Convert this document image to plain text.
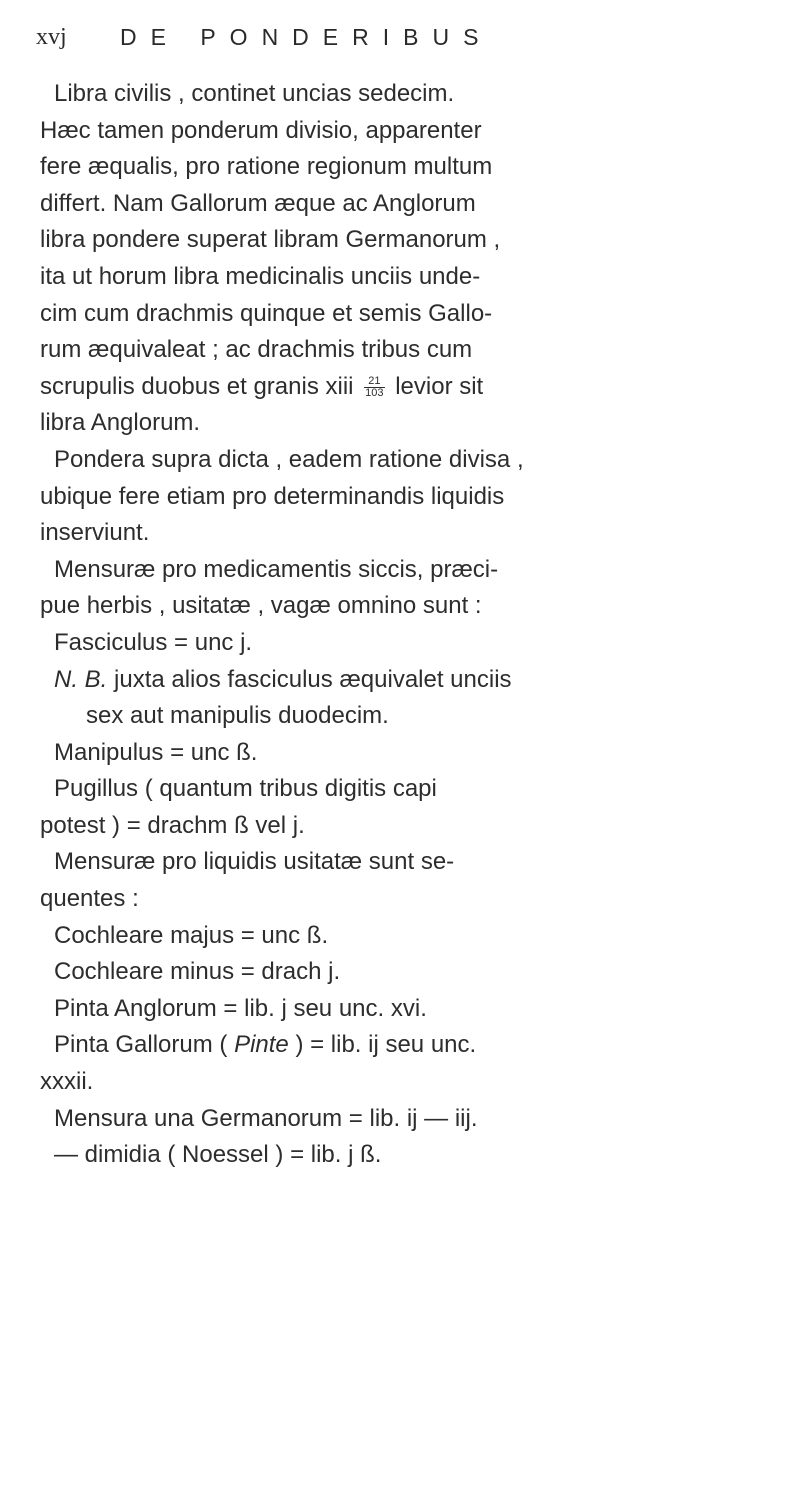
xvj DE PONDERIBUS
Libra civilis , continet uncias sedecim.
Hæc tamen ponderum divisio, apparenter
fere æqualis, pro ratione regionum multum
differt. Nam Gallorum æque ac Anglorum
libra pondere superat libram Germanorum ,
ita ut horum libra medicinalis unciis unde-
cim cum drachmis quinque et semis Gallo-
rum æquivaleat ; ac drachmis tribus cum
scrupulis duobus et granis xiii $\frac{21}{103}$ levior sit
libra Anglorum.
Pondera supra dicta , eadem ratione divisa ,
ubique fere etiam pro determinandis liquidis
inserviunt.
Mensuræ pro medicamentis siccis, præci-
pue herbis , usitatæ , vagæ omnino sunt :
Fasciculus = unc j.
N. B. juxta alios fasciculus æquivalet unciis
sex aut manipulis duodecim.
Manipulus = unc ß.
Pugillus ( quantum tribus digitis capi
potest ) = drachm ß vel j.
Mensuræ pro liquidis usitatæ sunt se-
quentes :
Cochleare majus = unc ß.
Cochleare minus = drach j.
Pinta Anglorum = lib. j seu unc. xvi.
Pinta Gallorum ( Pinte ) = lib. ij seu unc.
xxxii.
Mensura una Germanorum = lib. ij — iij.
— dimidia ( Noessel ) = lib. j ß.
